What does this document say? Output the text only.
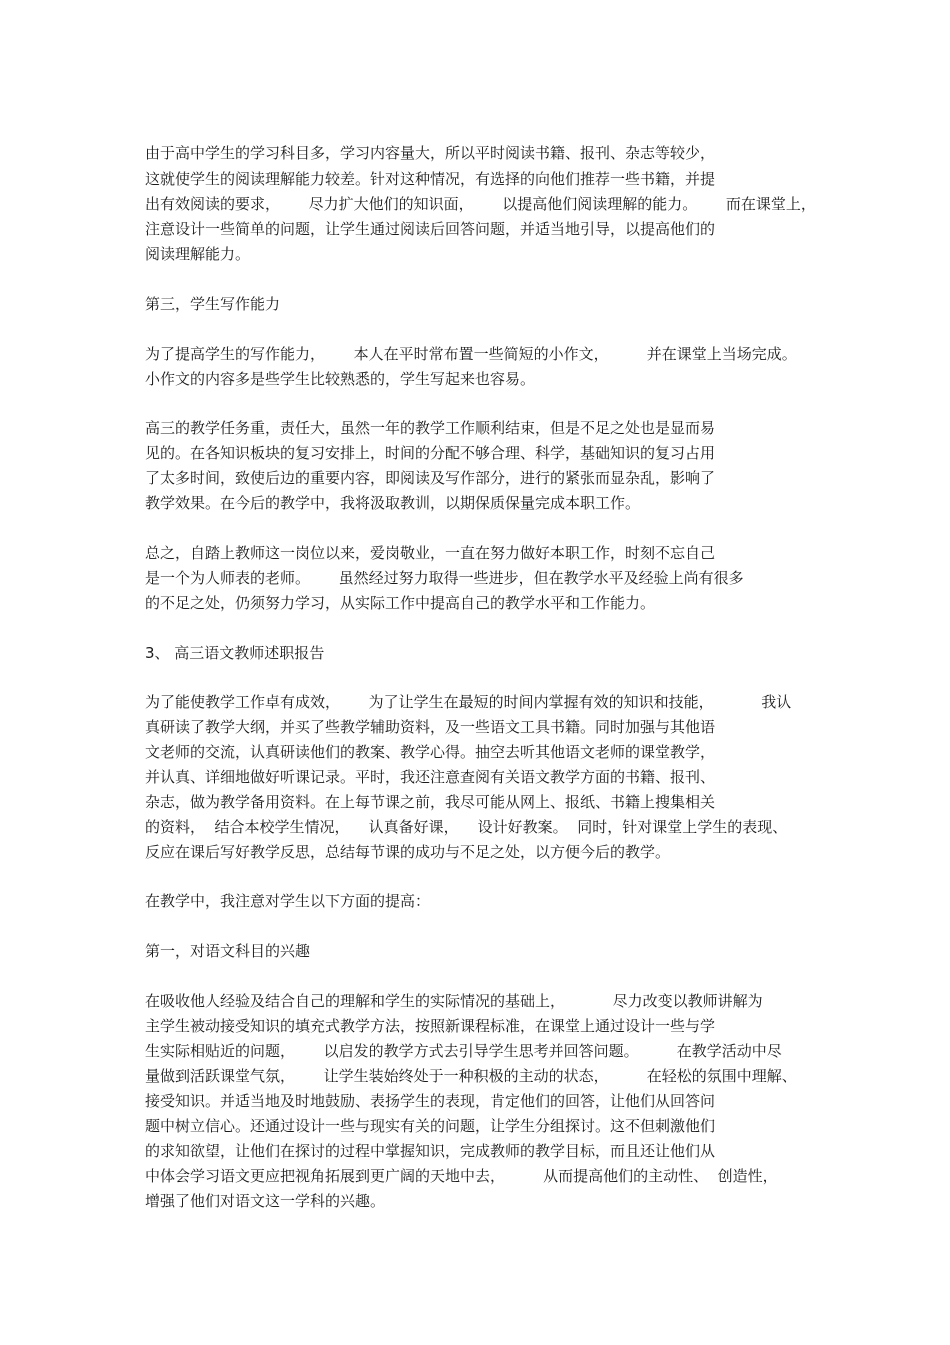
由于高中学生的学习科目多，学习内容量大，所以平时阅读书籍、报刊、杂志等较少，
这就使学生的阅读理解能力较差。针对这种情况，有选择的向他们推荐一些书籍，并提
出有效阅读的要求，      尽力扩大他们的知识面，      以提高他们阅读理解的能力。      而在课堂上，
注意设计一些简单的问题，让学生通过阅读后回答问题，并适当地引导，以提高他们的
阅读理解能力。
第三，学生写作能力
为了提高学生的写作能力，      本人在平时常布置一些简短的小作文，        并在课堂上当场完成。
小作文的内容多是些学生比较熟悉的，学生写起来也容易。
高三的教学任务重，责任大，虽然一年的教学工作顺利结束，但是不足之处也是显而易
见的。在各知识板块的复习安排上，时间的分配不够合理、科学，基础知识的复习占用
了太多时间，致使后边的重要内容，即阅读及写作部分，进行的紧张而显杂乱，影响了
教学效果。在今后的教学中，我将汲取教训，以期保质保量完成本职工作。
总之，自踏上教师这一岗位以来，爱岗敬业，一直在努力做好本职工作，时刻不忘自己
是一个为人师表的老师。      虽然经过努力取得一些进步，但在教学水平及经验上尚有很多
的不足之处，仍须努力学习，从实际工作中提高自己的教学水平和工作能力。
3、 高三语文教师述职报告
为了能使教学工作卓有成效，      为了让学生在最短的时间内掌握有效的知识和技能，          我认
真研读了教学大纲，并买了些教学辅助资料，及一些语文工具书籍。同时加强与其他语
文老师的交流，认真研读他们的教案、教学心得。抽空去听其他语文老师的课堂教学，
并认真、详细地做好听课记录。平时，我还注意查阅有关语文教学方面的书籍、报刊、
杂志，做为教学备用资料。在上每节课之前，我尽可能从网上、报纸、书籍上搜集相关
的资料，  结合本校学生情况，    认真备好课，    设计好教案。  同时，针对课堂上学生的表现、
反应在课后写好教学反思，总结每节课的成功与不足之处，以方便今后的教学。
在教学中，我注意对学生以下方面的提高：
第一，对语文科目的兴趣
在吸收他人经验及结合自己的理解和学生的实际情况的基础上，          尽力改变以教师讲解为
主学生被动接受知识的填充式教学方法，按照新课程标准，在课堂上通过设计一些与学
生实际相贴近的问题，      以启发的教学方式去引导学生思考并回答问题。        在教学活动中尽
量做到活跃课堂气氛，      让学生装始终处于一种积极的主动的状态，        在轻松的氛围中理解、
接受知识。并适当地及时地鼓励、表扬学生的表现，肯定他们的回答，让他们从回答问
题中树立信心。还通过设计一些与现实有关的问题，让学生分组探讨。这不但刺激他们
的求知欲望，让他们在探讨的过程中掌握知识，完成教师的教学目标，而且还让他们从
中体会学习语文更应把视角拓展到更广阔的天地中去，        从而提高他们的主动性、  创造性，
增强了他们对语文这一学科的兴趣。
